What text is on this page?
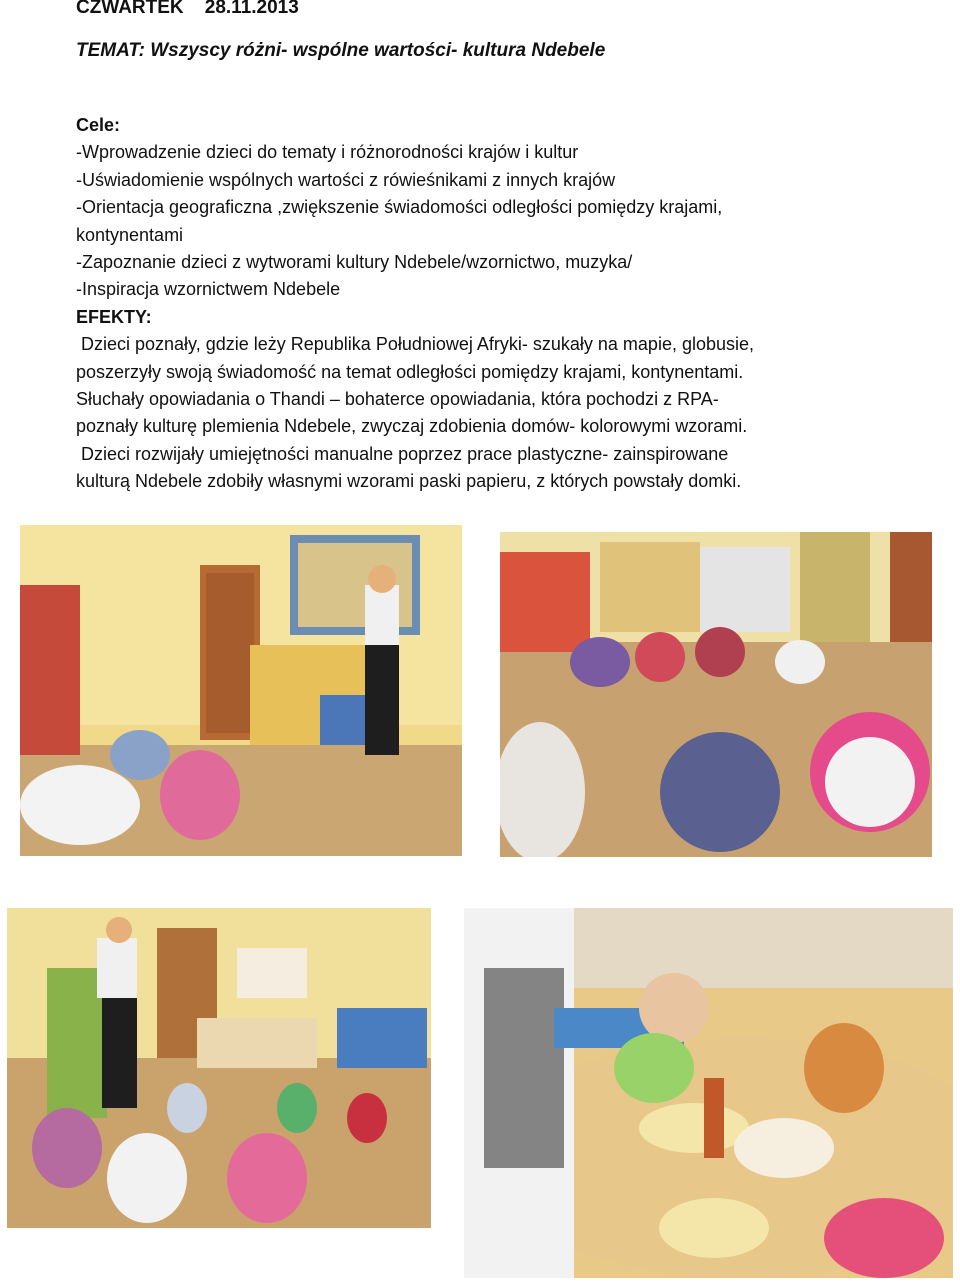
CZWARTEK    28.11.2013
TEMAT: Wszyscy różni- wspólne wartości- kultura Ndebele
Cele:
-Wprowadzenie dzieci do tematy i różnorodności krajów i kultur
-Uświadomienie wspólnych wartości z rówieśnikami z innych krajów
-Orientacja geograficzna ,zwiększenie świadomości odległości pomiędzy krajami,
kontynentami
-Zapoznanie dzieci z wytworami kultury Ndebele/wzornictwo, muzyka/
-Inspiracja wzornictwem Ndebele
EFEKTY:
Dzieci poznały, gdzie leży Republika Południowej Afryki- szukały na mapie, globusie,
poszerzyły swoją świadomość na temat odległości pomiędzy krajami, kontynentami.
Słuchały opowiadania o Thandi – bohaterce opowiadania, która pochodzi z RPA-
poznały kulturę plemienia Ndebele, zwyczaj zdobienia domów- kolorowymi wzorami.
Dzieci rozwijały umiejętności manualne poprzez prace plastyczne- zainspirowane
kulturą Ndebele zdobiły własnymi wzorami paski papieru, z których powstały domki.
